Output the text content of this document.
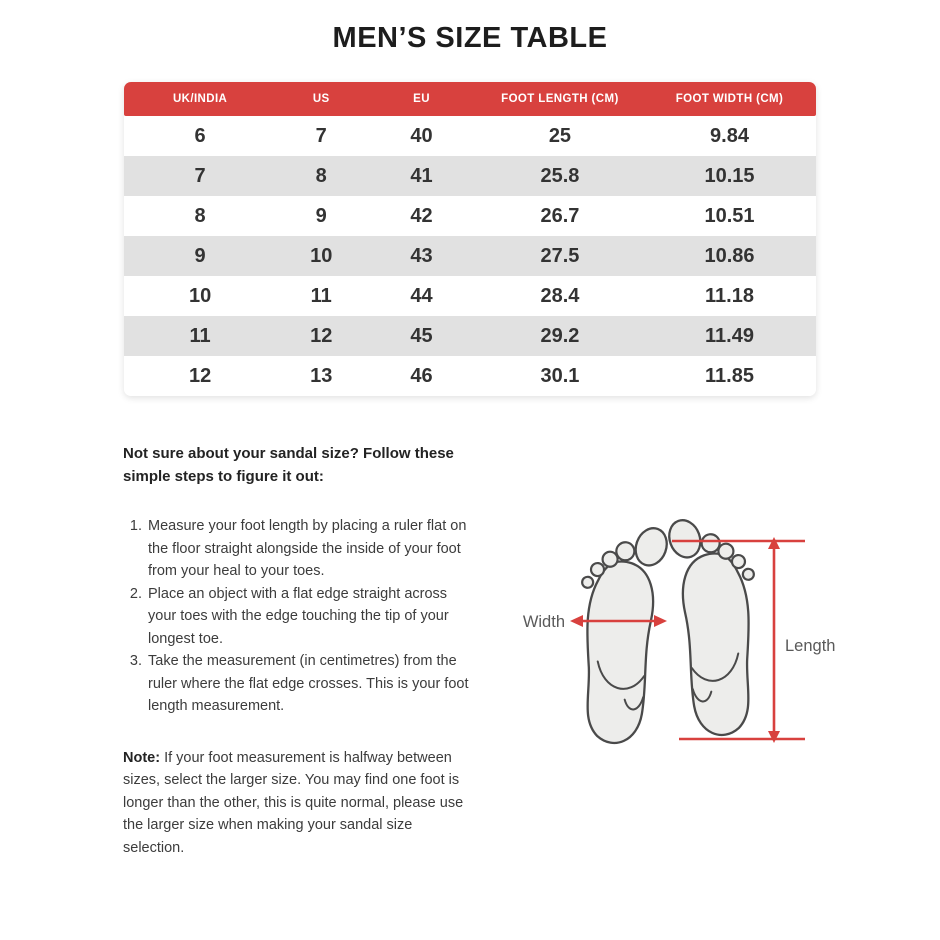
MEN’S SIZE TABLE
UK/INDIA	US	EU	FOOT LENGTH (CM)	FOOT WIDTH (CM)
6	7	40	25	9.84
7	8	41	25.8	10.15
8	9	42	26.7	10.51
9	10	43	27.5	10.86
10	11	44	28.4	11.18
11	12	45	29.2	11.49
12	13	46	30.1	11.85

Not sure about your sandal size? Follow these simple steps to figure it out:

1. Measure your foot length by placing a ruler flat on the floor straight alongside the inside of your foot from your heal to your toes.
2. Place an object with a flat edge straight across your toes with the edge touching the tip of your longest toe.
3. Take the measurement (in centimetres) from the ruler where the flat edge crosses. This is your foot length measurement.

Note: If your foot measurement is halfway between sizes, select the larger size. You may find one foot is longer than the other, this is quite normal, please use the larger size when making your sandal size selection.

Width
Length
